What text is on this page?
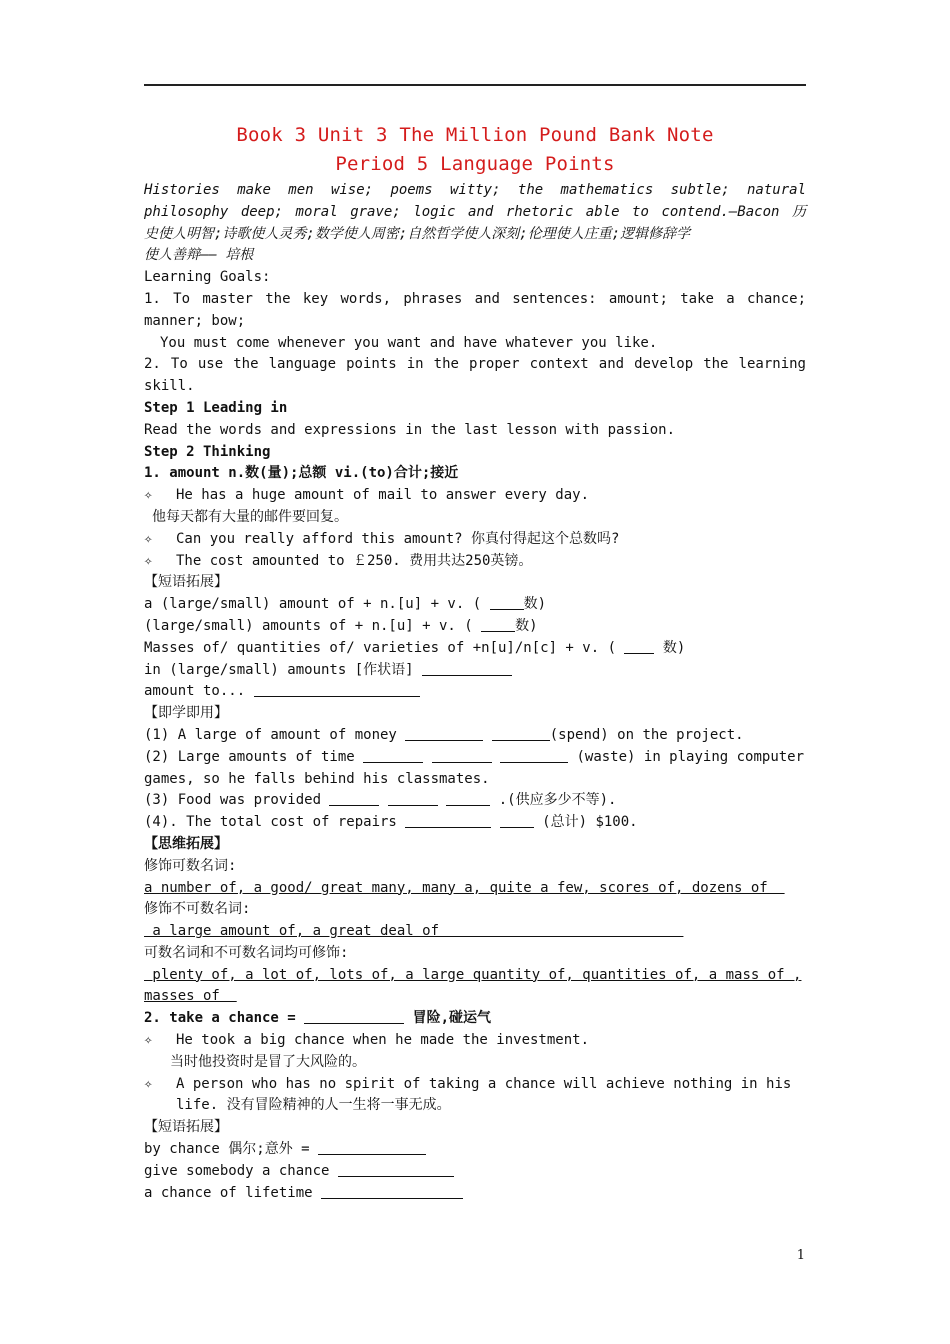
Book 3 Unit 3 The Million Pound Bank Note
Period 5 Language Points
Histories make men wise; poems witty; the mathematics subtle; natural
philosophy deep; moral grave; logic and rhetoric able to contend.—Bacon 历
史使人明智;诗歌使人灵秀;数学使人周密;自然哲学使人深刻;伦理使人庄重;逻辑修辞学
使人善辩—— 培根
Learning Goals:
1. To master the key words, phrases and sentences: amount; take a chance;
manner; bow;
You must come whenever you want and have whatever you like.
2. To use the language points in the proper context and develop the learning
skill.
Step 1 Leading in
Read the words and expressions in the last lesson with passion.
Step 2 Thinking
1. amount n.数(量);总额 vi.(to)合计;接近
✧ He has a huge amount of mail to answer every day.
他每天都有大量的邮件要回复。
✧ Can you really afford this amount? 你真付得起这个总数吗?
✧ The cost amounted to ￡250. 费用共达250英镑。
【短语拓展】
a (large/small) amount of + n.[u] + v. ( 数)
(large/small) amounts of + n.[u] + v. ( 数)
Masses of/ quantities of/ varieties of +n[u]/n[c] + v. (  数)
in (large/small) amounts [作状语]
amount to...
【即学即用】
(1) A large of amount of money	(spend) on the project.
(2) Large amounts of time	(waste) in playing computer
games, so he falls behind his classmates.
(3) Food was provided	.(供应多少不等).
(4). The total cost of repairs	(总计) $100.
【思维拓展】
修饰可数名词:
a number of, a good/ great many, many a, quite a few, scores of, dozens of
修饰不可数名词:
a large amount of, a great deal of
可数名词和不可数名词均可修饰:
plenty of, a lot of, lots of, a large quantity of, quantities of, a mass of ,
masses of
2. take a chance =	冒险,碰运气
✧ He took a big chance when he made the investment.
当时他投资时是冒了大风险的。
✧ A person who has no spirit of taking a chance will achieve nothing in his
life. 没有冒险精神的人一生将一事无成。
【短语拓展】
by chance 偶尔;意外 =
give somebody a chance
a chance of lifetime
1
